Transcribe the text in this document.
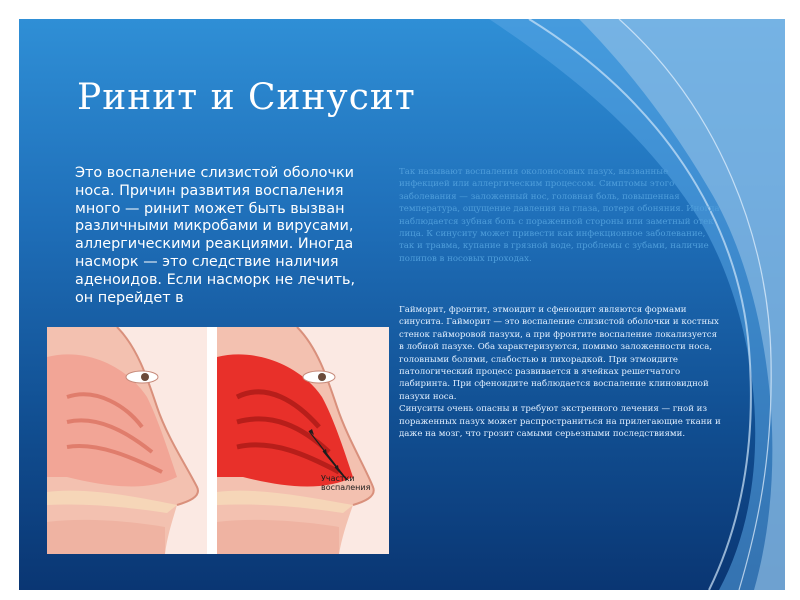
Ринит и Синусит
Это воспаление слизистой оболочки носа. Причин развития воспаления много — ринит может быть вызван различными микробами и вирусами, аллергическими реакциями. Иногда насморк — это следствие наличия аденоидов. Если насморк не лечить, он перейдет в

Так называют воспаления околоносовых пазух, вызванные инфекцией или аллергическим процессом. Симптомы этого заболевания — заложенный нос, головная боль, повышенная температура, ощущение давления на глаза, потеря обоняния. Иногда наблюдается зубная боль с пораженной стороны или заметный отек лица. К синуситу может привести как инфекционное заболевание, так и травма, купание в грязной воде, проблемы с зубами, наличие полипов в носовых проходах.

Гайморит, фронтит, этмоидит и сфеноидит являются формами синусита. Гайморит — это воспаление слизистой оболочки и костных стенок гайморовой пазухи, а при фронтите воспаление локализуется в лобной пазухе. Оба характеризуются, помимо заложенности носа, головными болями, слабостью и лихорадкой. При этмоидите патологический процесс развивается в ячейках решетчатого лабиринта. При сфеноидите наблюдается воспаление клиновидной пазухи носа.

Синуситы очень опасны и требуют экстренного лечения — гной из пораженных пазух может распространиться на прилегающие ткани и даже на мозг, что грозит самыми серьезными последствиями.

Участки воспаления
